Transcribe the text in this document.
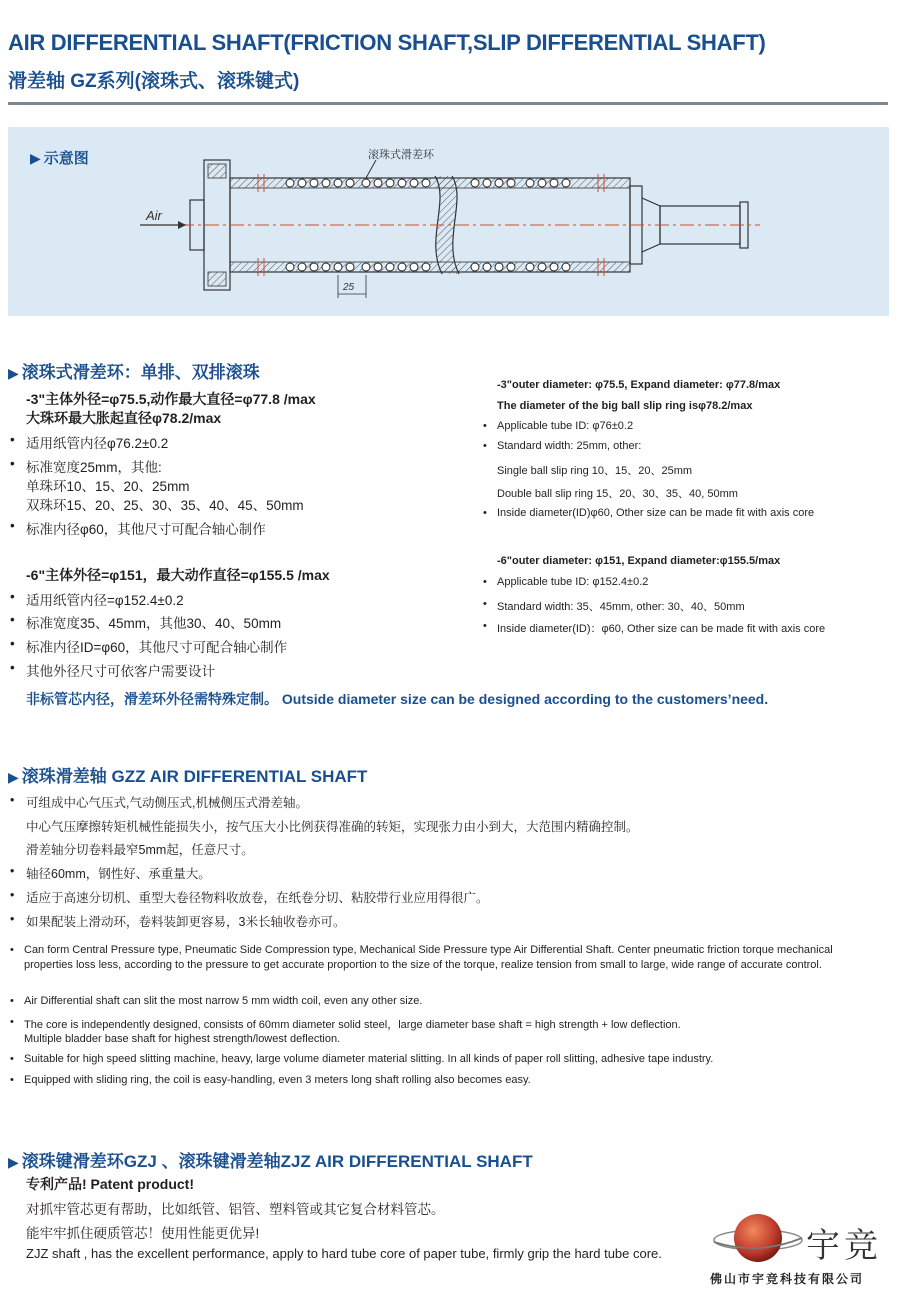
AIR DIFFERENTIAL SHAFT(FRICTION SHAFT,SLIP DIFFERENTIAL SHAFT)
滑差轴 GZ系列(滚珠式、滚珠键式)
▶ 示意图
Air
滚珠式滑差环
25
▶ 滚珠式滑差环：单排、双排滚珠
-3"主体外径=φ75.5,动作最大直径=φ77.8 /max
大珠环最大胀起直径φ78.2/max
• 适用纸管内径φ76.2±0.2
• 标准宽度25mm，其他:
单珠环10、15、20、25mm
双珠环15、20、25、30、35、40、45、50mm
• 标准内径φ60，其他尺寸可配合轴心制作
-6"主体外径=φ151，最大动作直径=φ155.5 /max
• 适用纸管内径=φ152.4±0.2
• 标准宽度35、45mm，其他30、40、50mm
• 标准内径ID=φ60，其他尺寸可配合轴心制作
• 其他外径尺寸可依客户需要设计
-3"outer diameter: φ75.5, Expand diameter: φ77.8/max
The diameter of the big ball slip ring isφ78.2/max
• Applicable tube ID: φ76±0.2
• Standard width: 25mm, other:
Single ball slip ring 10、15、20、25mm
Double ball slip ring 15、20、30、35、40, 50mm
• Inside diameter(ID)φ60, Other size can be made fit with axis core
-6"outer diameter: φ151, Expand diameter:φ155.5/max
• Applicable tube ID: φ152.4±0.2
• Standard width: 35、45mm, other: 30、40、50mm
• Inside diameter(ID)：φ60, Other size can be made fit with axis core
非标管芯内径，滑差环外径需特殊定制。 Outside diameter size can be designed according to the customers’need.
▶ 滚珠滑差轴 GZZ AIR DIFFERENTIAL SHAFT
• 可组成中心气压式,气动侧压式,机械侧压式滑差轴。
中心气压摩擦转矩机械性能损失小，按气压大小比例获得准确的转矩，实现张力由小到大，大范围内精确控制。
滑差轴分切卷料最窄5mm起，任意尺寸。
• 轴径60mm，钢性好、承重量大。
• 适应于高速分切机、重型大卷径物料收放卷，在纸卷分切、粘胶带行业应用得很广。
• 如果配装上滑动环，卷料装卸更容易，3米长轴收卷亦可。
• Can form Central Pressure type, Pneumatic Side Compression type, Mechanical Side Pressure type Air Differential Shaft. Center pneumatic friction torque mechanical properties loss less, according to the pressure to get accurate proportion to the size of the torque, realize tension from small to large, wide range of accurate control.
• Air Differential shaft can slit the most narrow 5 mm width coil, even any other size.
• The core is independently designed, consists of 60mm diameter solid steel，large diameter base shaft = high strength + low deflection.
Multiple bladder base shaft for highest strength/lowest deflection.
• Suitable for high speed slitting machine, heavy, large volume diameter material slitting. In all kinds of paper roll slitting, adhesive tape industry.
• Equipped with sliding ring, the coil is easy-handling, even 3 meters long shaft rolling also becomes easy.
▶ 滚珠键滑差环GZJ 、滚珠键滑差轴ZJZ AIR DIFFERENTIAL SHAFT
专利产品! Patent product!
对抓牢管芯更有帮助，比如纸管、铝管、塑料管或其它复合材料管芯。
能牢牢抓住硬质管芯！使用性能更优异!
ZJZ shaft , has the excellent performance, apply to hard tube core of paper tube, firmly grip the hard tube core.	宇竞
佛山市宇竞科技有限公司
